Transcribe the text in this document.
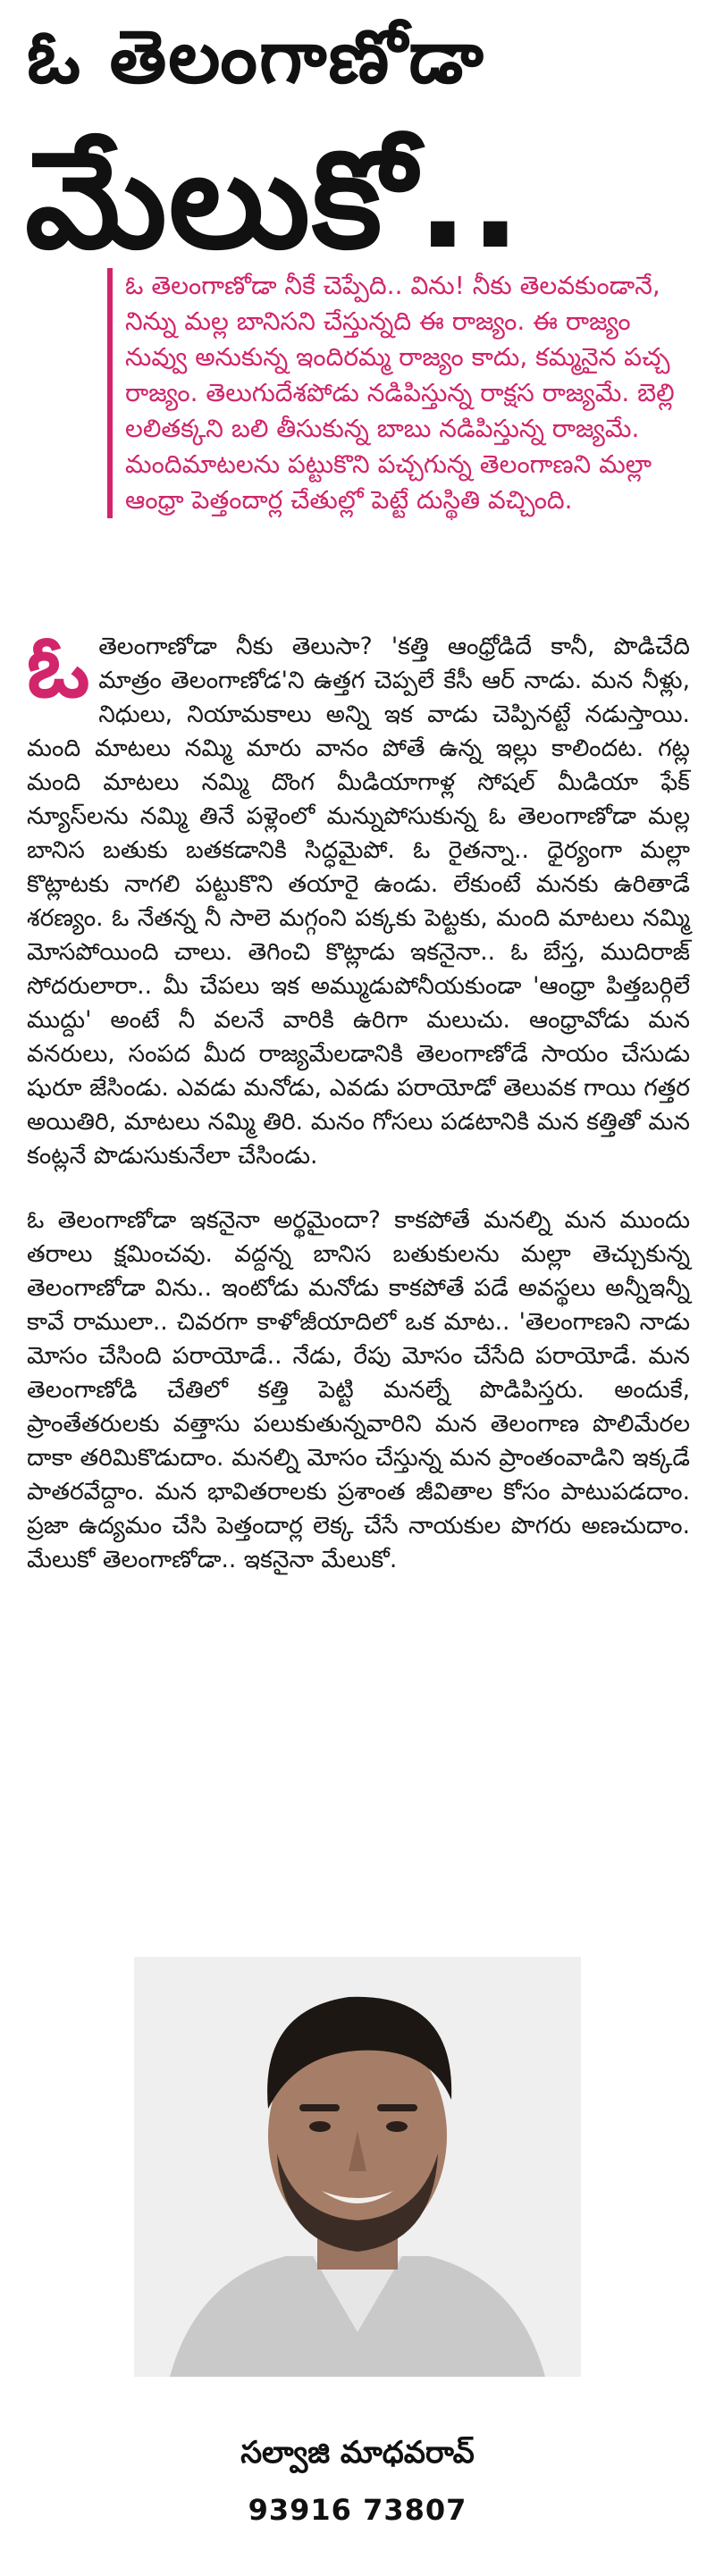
ఓ తెలంగాణోడా
మేలుకో..

ఓ తెలంగాణోడా నీకే చెప్పేది.. విను! నీకు తెలవకుండానే, నిన్ను మల్ల బానిసని చేస్తున్నది ఈ రాజ్యం. ఈ రాజ్యం నువ్వు అనుకున్న ఇందిరమ్మ రాజ్యం కాదు, కమ్మనైన పచ్చ రాజ్యం. తెలుగుదేశపోడు నడిపిస్తున్న రాక్షస రాజ్యమే. బెల్లి లలితక్కని బలి తీసుకున్న బాబు నడిపిస్తున్న రాజ్యమే. మందిమాటలను పట్టుకొని పచ్చగున్న తెలంగాణని మల్లా ఆంధ్రా పెత్తందార్ల చేతుల్లో పెట్టే దుస్థితి వచ్చింది.

ఓ తెలంగాణోడా నీకు తెలుసా? 'కత్తి ఆంధ్రోడిదే కానీ, పొడిచేది మాత్రం తెలంగాణోడ'ని ఉత్తగ చెప్పలే కేసీ ఆర్ నాడు. మన నీళ్లు, నిధులు, నియామకాలు అన్ని ఇక వాడు చెప్పినట్టే నడుస్తాయి. మంది మాటలు నమ్మి మారు వానం పోతే ఉన్న ఇల్లు కాలిందట. గట్ల మంది మాటలు నమ్మి దొంగ మీడియాగాళ్ల సోషల్ మీడియా ఫేక్ న్యూస్‌లను నమ్మి తినే పళ్లెంలో మన్నుపోసుకున్న ఓ తెలంగాణోడా మల్ల బానిస బతుకు బతకడానికి సిద్ధమైపో. ఓ రైతన్నా.. ధైర్యంగా మల్లా కొట్లాటకు నాగలి పట్టుకొని తయారై ఉండు. లేకుంటే మనకు ఉరితాడే శరణ్యం. ఓ నేతన్న నీ సాలె మగ్గంని పక్కకు పెట్టకు, మంది మాటలు నమ్మి మోసపోయింది చాలు. తెగించి కొట్లాడు ఇకనైనా.. ఓ బేస్త, ముదిరాజ్ సోదరులారా.. మీ చేపలు ఇక అమ్ముడుపోనీయకుండా 'ఆంధ్రా పిత్తబర్గిలే ముద్దు' అంటే నీ వలనే వారికి ఉరిగా మలుచు. ఆంధ్రావోడు మన వనరులు, సంపద మీద రాజ్యమేలడానికి తెలంగాణోడే సాయం చేసుడు షురూ జేసిండు. ఎవడు మనోడు, ఎవడు పరాయోడో తెలువక గాయి గత్తర అయితిరి, మాటలు నమ్మి తిరి. మనం గోసలు పడటానికి మన కత్తితో మన కంట్లనే పొడుసుకునేలా చేసిండు.

ఓ తెలంగాణోడా ఇకనైనా అర్థమైందా? కాకపోతే మనల్ని మన ముందు తరాలు క్షమించవు. వద్దన్న బానిస బతుకులను మల్లా తెచ్చుకున్న తెలంగాణోడా విను.. ఇంటోడు మనోడు కాకపోతే పడే అవస్థలు అన్నీఇన్నీ కావే రాములా.. చివరగా కాళోజీయాదిలో ఒక మాట.. 'తెలంగాణని నాడు మోసం చేసింది పరాయోడే.. నేడు, రేపు మోసం చేసేది పరాయోడే. మన తెలంగాణోడి చేతిలో కత్తి పెట్టి మనల్నే పొడిపిస్తరు. అందుకే, ప్రాంతేతరులకు వత్తాసు పలుకుతున్నవారిని మన తెలంగాణ పొలిమేరల దాకా తరిమికొడుదాం. మనల్ని మోసం చేస్తున్న మన ప్రాంతంవాడిని ఇక్కడే పాతరవేద్దాం. మన భావితరాలకు ప్రశాంత జీవితాల కోసం పాటుపడదాం. ప్రజా ఉద్యమం చేసి పెత్తందార్ల లెక్క చేసే నాయకుల పొగరు అణచుదాం. మేలుకో తెలంగాణోడా.. ఇకనైనా మేలుకో.

సల్వాజి మాధవరావ్
93916 73807
